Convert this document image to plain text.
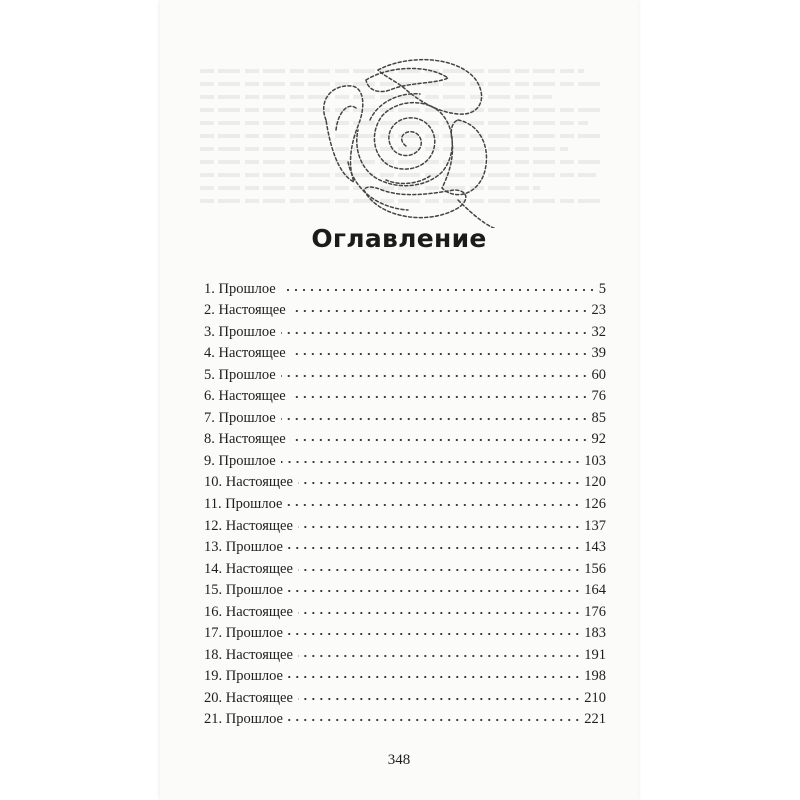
Оглавление
1. Прошлое	5
2. Настоящее	23
3. Прошлое	32
4. Настоящее	39
5. Прошлое	60
6. Настоящее	76
7. Прошлое	85
8. Настоящее	92
9. Прошлое	103
10. Настоящее	120
11. Прошлое	126
12. Настоящее	137
13. Прошлое	143
14. Настоящее	156
15. Прошлое	164
16. Настоящее	176
17. Прошлое	183
18. Настоящее	191
19. Прошлое	198
20. Настоящее	210
21. Прошлое	221
348
